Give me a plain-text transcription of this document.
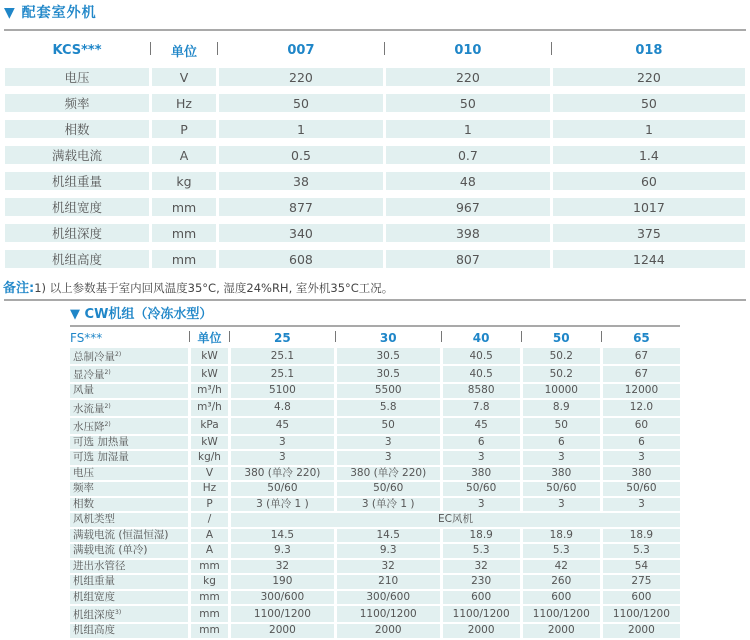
▼ 配套室外机
KCS***	单位	007	010	018
电压	V	220	220	220
频率	Hz	50	50	50
相数	P	1	1	1
满载电流	A	0.5	0.7	1.4
机组重量	kg	38	48	60
机组宽度	mm	877	967	1017
机组深度	mm	340	398	375
机组高度	mm	608	807	1244
备注:1) 以上参数基于室内回风温度35°C, 湿度24%RH, 室外机35°C工况。
▼ CW机组（冷冻水型）
FS***	单位	25	30	40	50	65
总制冷量$^{2)}$	kW	25.1	30.5	40.5	50.2	67
显冷量$^{2)}$	kW	25.1	30.5	40.5	50.2	67
风量	m³/h	5100	5500	8580	10000	12000
水流量$^{2)}$	m³/h	4.8	5.8	7.8	8.9	12.0
水压降$^{2)}$	kPa	45	50	45	50	60
可选 加热量	kW	3	3	6	6	6
可选 加湿量	kg/h	3	3	3	3	3
电压	V	380 (单冷 220)	380 (单冷 220)	380	380	380
频率	Hz	50/60	50/60	50/60	50/60	50/60
相数	P	3 (单冷 1 )	3 (单冷 1 )	3	3	3
风机类型	/	EC风机				
满载电流 (恒温恒湿)	A	14.5	14.5	18.9	18.9	18.9
满载电流 (单冷)	A	9.3	9.3	5.3	5.3	5.3
进出水管径	mm	32	32	32	42	54
机组重量	kg	190	210	230	260	275
机组宽度	mm	300/600	300/600	600	600	600
机组深度$^{3)}$	mm	1100/1200	1100/1200	1100/1200	1100/1200	1100/1200
机组高度	mm	2000	2000	2000	2000	2000
